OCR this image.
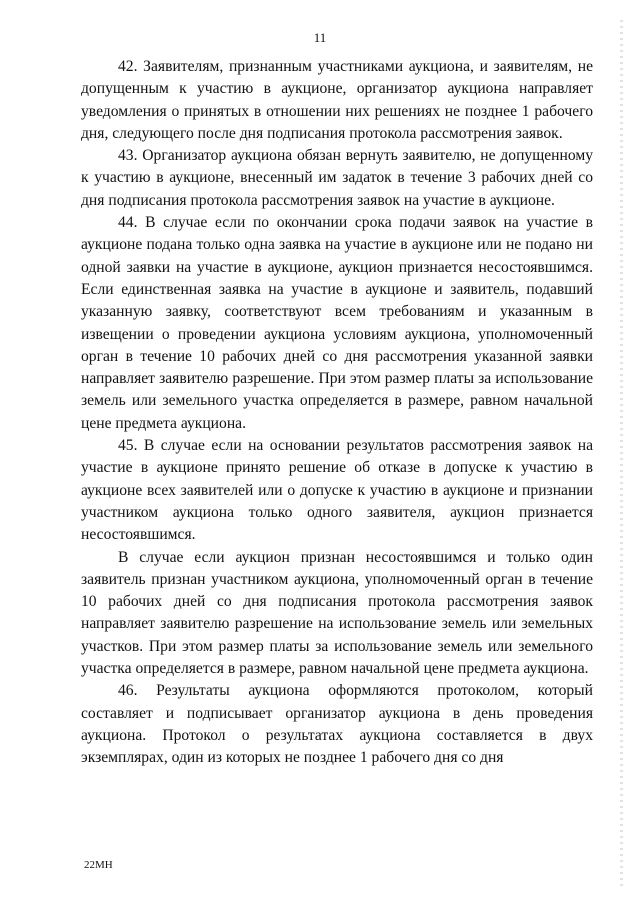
11

42. Заявителям, признанным участниками аукциона, и заявителям, не допущенным к участию в аукционе, организатор аукциона направляет уведомления о принятых в отношении них решениях не позднее 1 рабочего дня, следующего после дня подписания протокола рассмотрения заявок.

43. Организатор аукциона обязан вернуть заявителю, не допущенному к участию в аукционе, внесенный им задаток в течение 3 рабочих дней со дня подписания протокола рассмотрения заявок на участие в аукционе.

44. В случае если по окончании срока подачи заявок на участие в аукционе подана только одна заявка на участие в аукционе или не подано ни одной заявки на участие в аукционе, аукцион признается несостоявшимся. Если единственная заявка на участие в аукционе и заявитель, подавший указанную заявку, соответствуют всем требованиям и указанным в извещении о проведении аукциона условиям аукциона, уполномоченный орган в течение 10 рабочих дней со дня рассмотрения указанной заявки направляет заявителю разрешение. При этом размер платы за использование земель или земельного участка определяется в размере, равном начальной цене предмета аукциона.

45. В случае если на основании результатов рассмотрения заявок на участие в аукционе принято решение об отказе в допуске к участию в аукционе всех заявителей или о допуске к участию в аукционе и признании участником аукциона только одного заявителя, аукцион признается несостоявшимся.

В случае если аукцион признан несостоявшимся и только один заявитель признан участником аукциона, уполномоченный орган в течение 10 рабочих дней со дня подписания протокола рассмотрения заявок направляет заявителю разрешение на использование земель или земельных участков. При этом размер платы за использование земель или земельного участка определяется в размере, равном начальной цене предмета аукциона.

46. Результаты аукциона оформляются протоколом, который составляет и подписывает организатор аукциона в день проведения аукциона. Протокол о результатах аукциона составляется в двух экземплярах, один из которых не позднее 1 рабочего дня со дня

22МН
